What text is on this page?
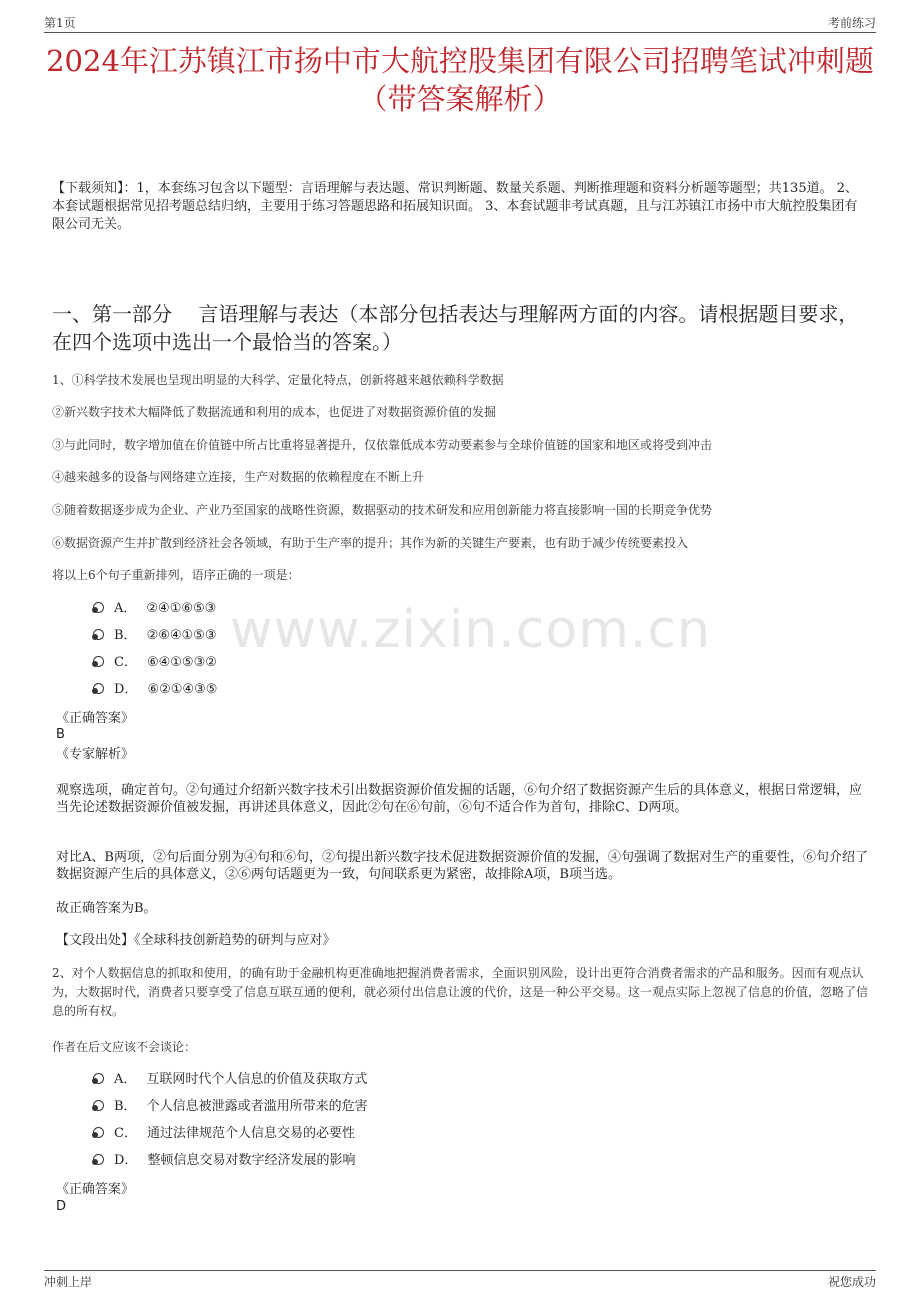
第1页	考前练习
www.zixin.com.cn
2024年江苏镇江市扬中市大航控股集团有限公司招聘笔试冲刺题（带答案解析）
【下载须知】：1，本套练习包含以下题型：言语理解与表达题、常识判断题、数量关系题、判断推理题和资料分析题等题型；共135道。 2、本套试题根据常见招考题总结归纳，主要用于练习答题思路和拓展知识面。 3、本套试题非考试真题，且与江苏镇江市扬中市大航控股集团有限公司无关。
一、第一部分　 言语理解与表达（本部分包括表达与理解两方面的内容。请根据题目要求，在四个选项中选出一个最恰当的答案。）
1、①科学技术发展也呈现出明显的大科学、定量化特点，创新将越来越依赖科学数据
②新兴数字技术大幅降低了数据流通和利用的成本，也促进了对数据资源价值的发掘
③与此同时，数字增加值在价值链中所占比重将显著提升，仅依靠低成本劳动要素参与全球价值链的国家和地区或将受到冲击
④越来越多的设备与网络建立连接，生产对数据的依赖程度在不断上升
⑤随着数据逐步成为企业、产业乃至国家的战略性资源，数据驱动的技术研发和应用创新能力将直接影响一国的长期竞争优势
⑥数据资源产生并扩散到经济社会各领域，有助于生产率的提升；其作为新的关键生产要素，也有助于减少传统要素投入
将以上6个句子重新排列，语序正确的一项是：
A． ②④①⑥⑤③
B． ②⑥④①⑤③
C． ⑥④①⑤③②
D． ⑥②①④③⑤
《正确答案》
B
《专家解析》
观察选项，确定首句。②句通过介绍新兴数字技术引出数据资源价值发掘的话题，⑥句介绍了数据资源产生后的具体意义，根据日常逻辑，应当先论述数据资源价值被发掘，再讲述具体意义，因此②句在⑥句前，⑥句不适合作为首句，排除C、D两项。
对比A、B两项，②句后面分别为④句和⑥句，②句提出新兴数字技术促进数据资源价值的发掘，④句强调了数据对生产的重要性，⑥句介绍了数据资源产生后的具体意义，②⑥两句话题更为一致，句间联系更为紧密，故排除A项，B项当选。
故正确答案为B。
【文段出处】《全球科技创新趋势的研判与应对》
2、对个人数据信息的抓取和使用，的确有助于金融机构更准确地把握消费者需求，全面识别风险，设计出更符合消费者需求的产品和服务。因而有观点认为，大数据时代，消费者只要享受了信息互联互通的便利，就必须付出信息让渡的代价，这是一种公平交易。这一观点实际上忽视了信息的价值，忽略了信息的所有权。
作者在后文应该不会谈论：
A． 互联网时代个人信息的价值及获取方式
B． 个人信息被泄露或者滥用所带来的危害
C． 通过法律规范个人信息交易的必要性
D． 整顿信息交易对数字经济发展的影响
《正确答案》
D
冲刺上岸	祝您成功
